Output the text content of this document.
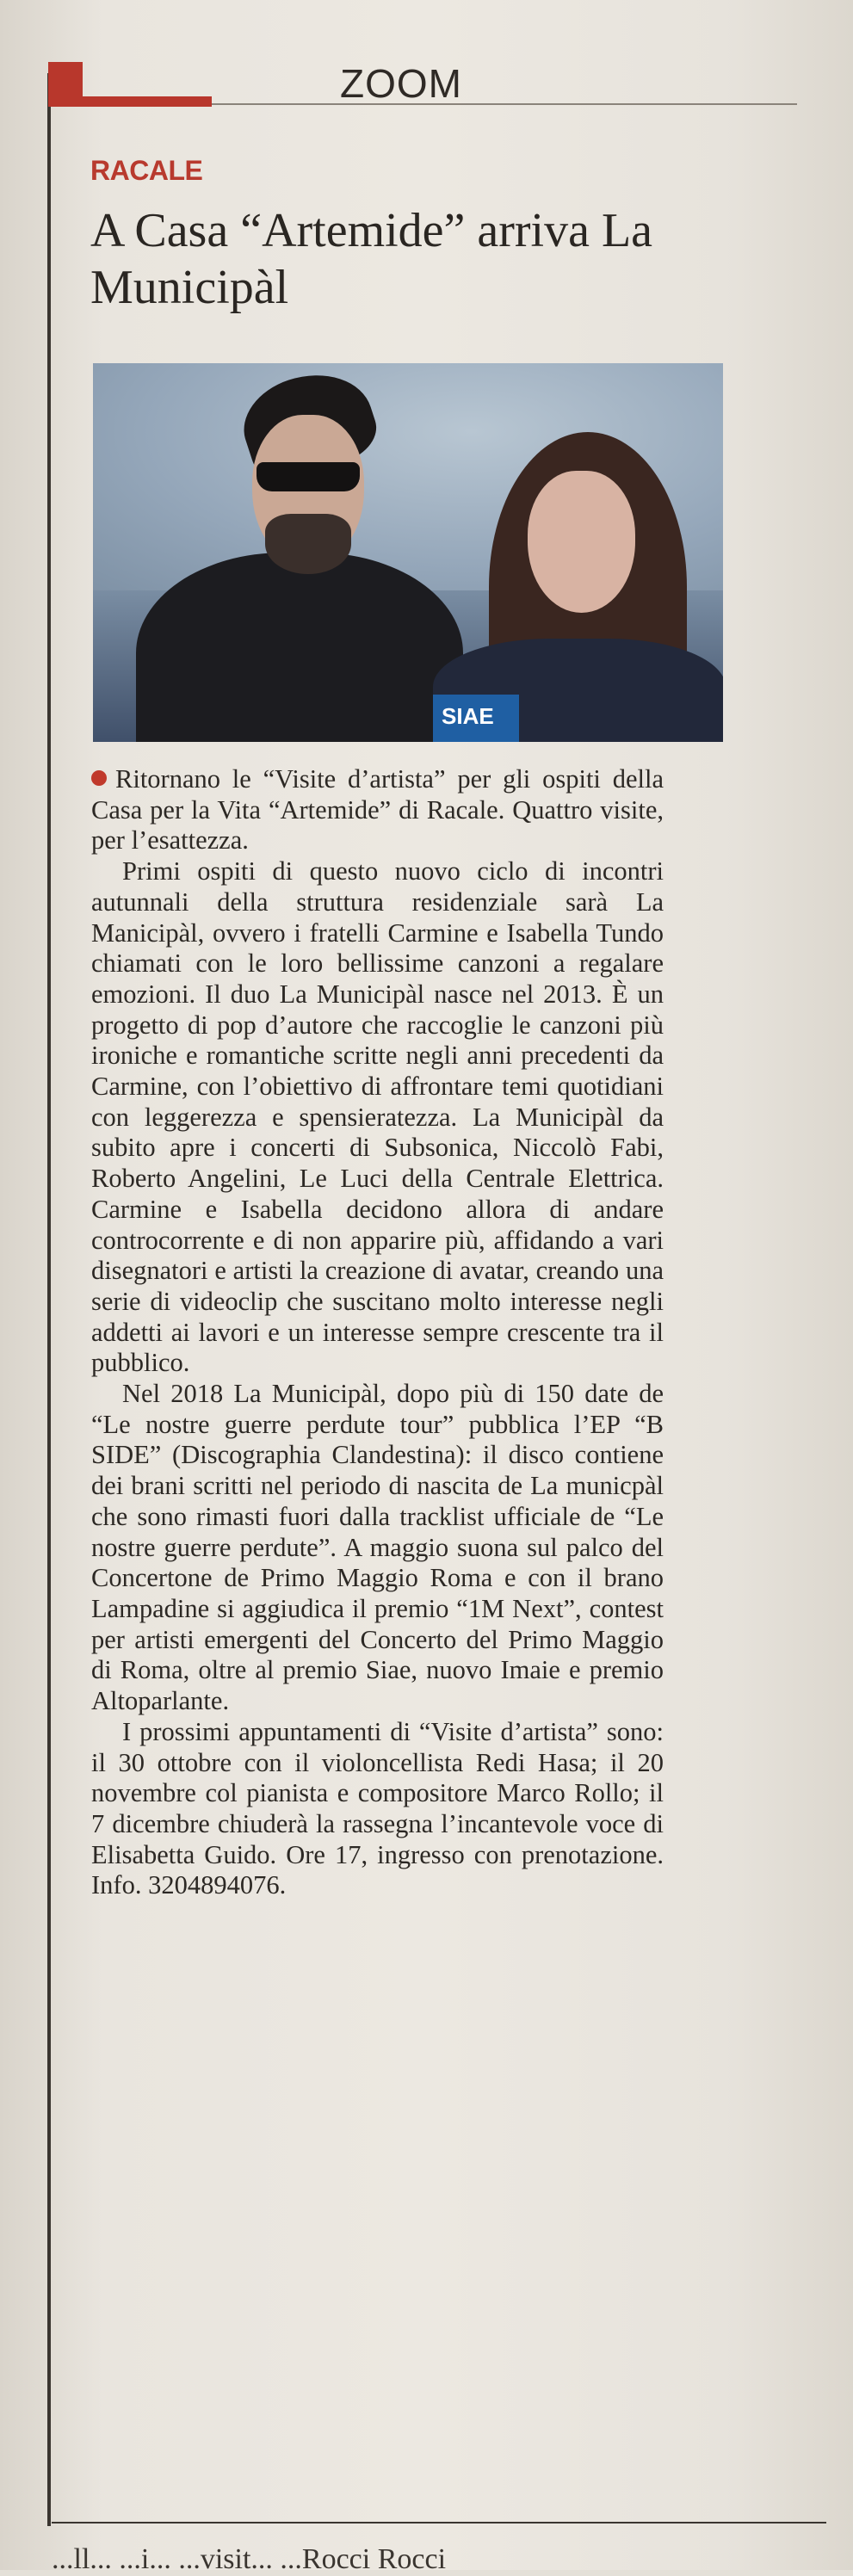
ZOOM
RACALE
A Casa “Artemide” arriva La Municipàl
SIAE

Ritornano le “Visite d’artista” per gli ospiti della Casa per la Vita “Artemide” di Racale. Quattro visite, per l’esattezza.

Primi ospiti di questo nuovo ciclo di incontri autunnali della struttura residenziale sarà La Manicipàl, ovvero i fratelli Carmine e Isabella Tundo chiamati con le loro bellissime canzoni a regalare emozioni. Il duo La Municipàl nasce nel 2013. È un progetto di pop d’autore che raccoglie le canzoni più ironiche e romantiche scritte negli anni precedenti da Carmine, con l’obiettivo di affrontare temi quotidiani con leggerezza e spensieratezza. La Municipàl da subito apre i concerti di Subsonica, Niccolò Fabi, Roberto Angelini, Le Luci della Centrale Elettrica. Carmine e Isabella decidono allora di andare controcorrente e di non apparire più, affidando a vari disegnatori e artisti la creazione di avatar, creando una serie di videoclip che suscitano molto interesse negli addetti ai lavori e un interesse sempre crescente tra il pubblico.

Nel 2018 La Municipàl, dopo più di 150 date de “Le nostre guerre perdute tour” pubblica l’EP “B SIDE” (Discographia Clandestina): il disco contiene dei brani scritti nel periodo di nascita de La municpàl che sono rimasti fuori dalla tracklist ufficiale de “Le nostre guerre perdute”. A maggio suona sul palco del Concertone de Primo Maggio Roma e con il brano Lampadine si aggiudica il premio “1M Next”, contest per artisti emergenti del Concerto del Primo Maggio di Roma, oltre al premio Siae, nuovo Imaie e premio Altoparlante.

I prossimi appuntamenti di “Visite d’artista” sono: il 30 ottobre con il violoncellista Redi Hasa; il 20 novembre col pianista e compositore Marco Rollo; il 7 dicembre chiuderà la rassegna l’incantevole voce di Elisabetta Guido. Ore 17, ingresso con prenotazione. Info. 3204894076.

...ll... ...i... ...visit... ...Rocci Rocci
